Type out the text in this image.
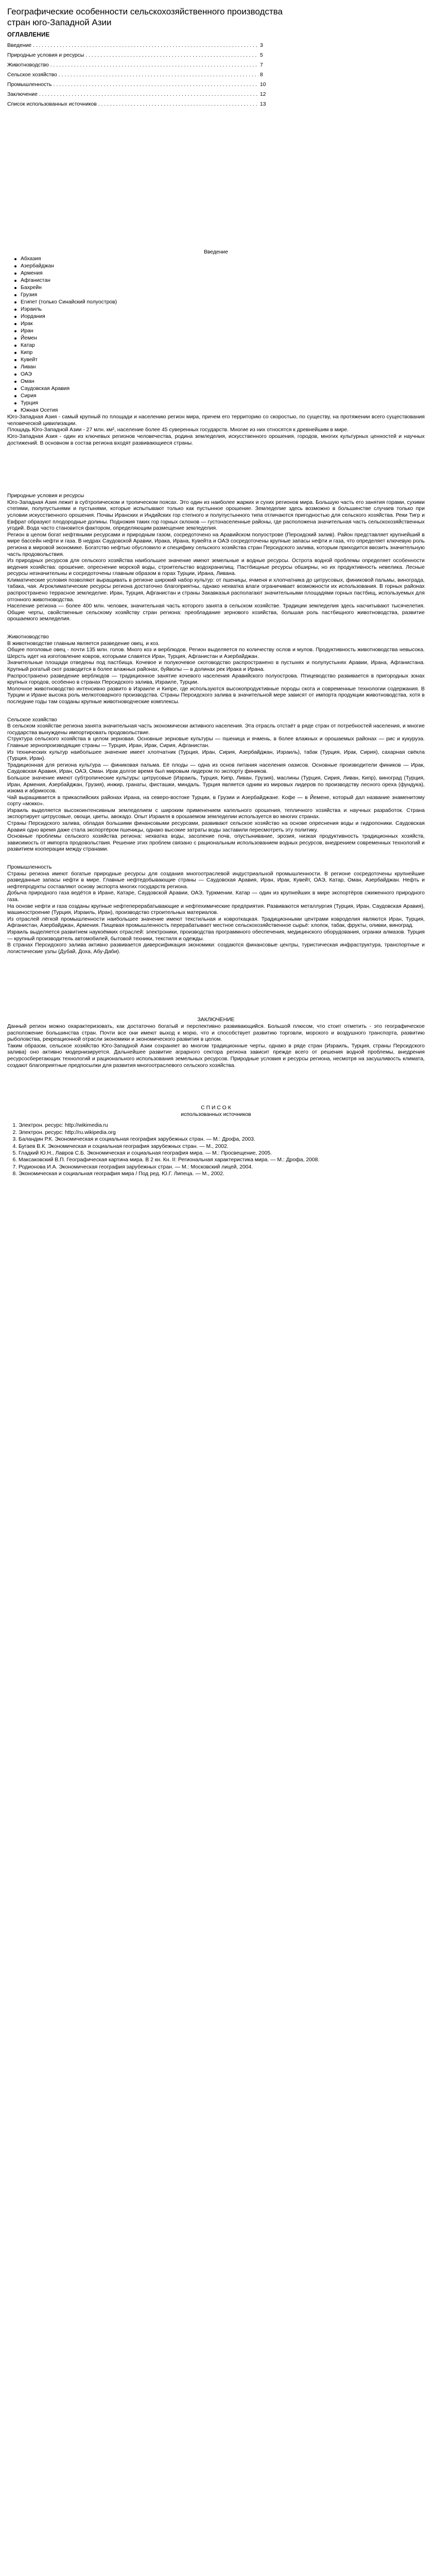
Географические особенности сельскохозяйственного производства стран юго-Западной Азии
ОГЛАВЛЕНИЕ
Введение . . .	3
Природные условия и ресурсы . . .	5
Животноводство . . .	7
Сельское хозяйство . . .	8
Промышленность . . .	10
Заключение . . .	12
Список использованных источников . . .	13

Введение

Абхазия
Азербайджан
Армения
Афганистан
Бахрейн
Грузия
Египет (только Синайский полуостров)
Израиль
Иордания
Ирак
Иран
Йемен
Катар
Кипр
Кувейт
Ливан
ОАЭ
Оман
Саудовская Аравия
Сирия
Турция
Южная Осетия

Юго-Западная Азия - самый крупный по площади и населению регион мира, причем его территорию со скоростью, по существу, на протяжении всего существования человеческой цивилизации.

Площадь Юго-Западной Азии - 27 млн. км², население более 45 суверенных государств. Многие из них относятся к древнейшим в мире.

Юго-Западная Азия - один из ключевых регионов человечества, родина земледелия, искусственного орошения, городов, многих культурных ценностей и научных достижений. В основном в состав региона входят развивающиеся страны.

Природные условия и ресурсы

Юго-Западная Азия лежит в субтропическом и тропическом поясах. Это один из наиболее жарких и сухих регионов мира. Большую часть его занятия горами, сухими степями, полупустынями и пустынями, которые испытывают только как пустынное орошение. Земледелие здесь возможно в большинстве случаев только при условии искусственного орошения. Почвы Иранских и Индийских гор степного и полупустынного типа отличаются пригодностью для сельского хозяйства. Реки Тигр и Евфрат образуют плодородные долины. Подножия таких гор горных склонов — густонаселенные районы, где расположена значительная часть сельскохозяйственных угодий. Вода часто становится фактором, определяющим размещение земледелия.

Регион в целом богат нефтяными ресурсами и природным газом, сосредоточено на Аравийском полуострове (Персидский залив). Район представляет крупнейший в мире бассейн нефти и газа. В недрах Саудовской Аравии, Ирака, Ирана, Кувейта и ОАЭ сосредоточены крупные запасы нефти и газа, что определяет ключевую роль региона в мировой экономике. Богатство нефтью обусловило и специфику сельского хозяйства стран Персидского залива, которым приходится ввозить значительную часть продовольствия.

Из природных ресурсов для сельского хозяйства наибольшее значение имеют земельные и водные ресурсы. Острота водной проблемы определяет особенности ведения хозяйства: орошение, опреснение морской воды, строительство водохранилищ. Пастбищные ресурсы обширны, но их продуктивность невелика. Лесные ресурсы незначительны и сосредоточены главным образом в горах Турции, Ирана, Ливана.

Климатические условия позволяют выращивать в регионе широкий набор культур: от пшеницы, ячменя и хлопчатника до цитрусовых, финиковой пальмы, винограда, табака, чая. Агроклиматические ресурсы региона достаточно благоприятны, однако нехватка влаги ограничивает возможности их использования. В горных районах распространено террасное земледелие. Иран, Турция, Афганистан и страны Закавказья располагают значительными площадями горных пастбищ, используемых для отгонного животноводства.

Население региона — более 400 млн. человек, значительная часть которого занята в сельском хозяйстве. Традиции земледелия здесь насчитывают тысячелетия. Общие черты, свойственные сельскому хозяйству стран региона: преобладание зернового хозяйства, большая роль пастбищного животноводства, развитие орошаемого земледелия.

Животноводство

В животноводстве главным является разведение овец, и коз.

Общее поголовье овец - почти 135 млн. голов. Много коз и верблюдов. Регион выделяется по количеству ослов и мулов. Продуктивность животноводства невысока. Шерсть идет на изготовление ковров, которыми славятся Иран, Турция, Афганистан и Азербайджан.

Значительные площади отведены под пастбища. Кочевое и полукочевое скотоводство распространено в пустынях и полупустынях Аравии, Ирана, Афганистана. Крупный рогатый скот разводится в более влажных районах, буйволы — в долинах рек Ирака и Ирана.

Распространено разведение верблюдов — традиционное занятие кочевого населения Аравийского полуострова. Птицеводство развивается в пригородных зонах крупных городов, особенно в странах Персидского залива, Израиле, Турции.

Молочное животноводство интенсивно развито в Израиле и Кипре, где используются высокопродуктивные породы скота и современные технологии содержания. В Турции и Иране высока роль мелкотоварного производства. Страны Персидского залива в значительной мере зависят от импорта продукции животноводства, хотя в последние годы там созданы крупные животноводческие комплексы.

Сельское хозяйство

В сельском хозяйстве региона занята значительная часть экономически активного населения. Эта отрасль отстаёт в ряде стран от потребностей населения, и многие государства вынуждены импортировать продовольствие.

Структура сельского хозяйства в целом зерновая. Основные зерновые культуры — пшеница и ячмень, в более влажных и орошаемых районах — рис и кукуруза. Главные зернопроизводящие страны — Турция, Иран, Ирак, Сирия, Афганистан.

Из технических культур наибольшее значение имеет хлопчатник (Турция, Иран, Сирия, Азербайджан, Израиль), табак (Турция, Ирак, Сирия), сахарная свёкла (Турция, Иран).

Традиционная для региона культура — финиковая пальма. Её плоды — одна из основ питания населения оазисов. Основные производители фиников — Ирак, Саудовская Аравия, Иран, ОАЭ, Оман. Ирак долгое время был мировым лидером по экспорту фиников.

Большое значение имеют субтропические культуры: цитрусовые (Израиль, Турция, Кипр, Ливан, Грузия), маслины (Турция, Сирия, Ливан, Кипр), виноград (Турция, Иран, Армения, Азербайджан, Грузия), инжир, гранаты, фисташки, миндаль. Турция является одним из мировых лидеров по производству лесного ореха (фундука), изюма и абрикосов.

Чай выращивается в прикаспийских районах Ирана, на северо-востоке Турции, в Грузии и Азербайджане. Кофе — в Йемене, который дал название знаменитому сорту «мокко».

Израиль выделяется высокоинтенсивным земледелием с широким применением капельного орошения, тепличного хозяйства и научных разработок. Страна экспортирует цитрусовые, овощи, цветы, авокадо. Опыт Израиля в орошаемом земледелии используется во многих странах.

Страны Персидского залива, обладая большими финансовыми ресурсами, развивают сельское хозяйство на основе опреснения воды и гидропоники. Саудовская Аравия одно время даже стала экспортёром пшеницы, однако высокие затраты воды заставили пересмотреть эту политику.

Основные проблемы сельского хозяйства региона: нехватка воды, засоление почв, опустынивание, эрозия, низкая продуктивность традиционных хозяйств, зависимость от импорта продовольствия. Решение этих проблем связано с рациональным использованием водных ресурсов, внедрением современных технологий и развитием кооперации между странами.

Промышленность

Страны региона имеют богатые природные ресурсы для создания многоотраслевой индустриальной промышленности. В регионе сосредоточены крупнейшие разведанные запасы нефти в мире. Главные нефтедобывающие страны — Саудовская Аравия, Иран, Ирак, Кувейт, ОАЭ, Катар, Оман, Азербайджан. Нефть и нефтепродукты составляют основу экспорта многих государств региона.

Добыча природного газа ведётся в Иране, Катаре, Саудовской Аравии, ОАЭ, Туркмении. Катар — один из крупнейших в мире экспортёров сжиженного природного газа.

На основе нефти и газа созданы крупные нефтеперерабатывающие и нефтехимические предприятия. Развиваются металлургия (Турция, Иран, Саудовская Аравия), машиностроение (Турция, Израиль, Иран), производство строительных материалов.

Из отраслей лёгкой промышленности наибольшее значение имеют текстильная и ковроткацкая. Традиционными центрами ковроделия являются Иран, Турция, Афганистан, Азербайджан, Армения. Пищевая промышленность перерабатывает местное сельскохозяйственное сырьё: хлопок, табак, фрукты, оливки, виноград.

Израиль выделяется развитием наукоёмких отраслей: электроники, производства программного обеспечения, медицинского оборудования, огранки алмазов. Турция — крупный производитель автомобилей, бытовой техники, текстиля и одежды.

В странах Персидского залива активно развивается диверсификация экономики: создаются финансовые центры, туристическая инфраструктура, транспортные и логистические узлы (Дубай, Доха, Абу-Даби).

ЗАКЛЮЧЕНИЕ

Данный регион можно охарактеризовать, как достаточно богатый и перспективно развивающийся. Большой плюсом, что стоит отметить - это географическое расположение большинства стран. Почти все они имеют выход к морю, что и способствует развитию торговли, морского и воздушного транспорта, развитию рыболовства, рекреационной отрасли экономики и экономического развития в целом.

Таким образом, сельское хозяйство Юго-Западной Азии сохраняет во многом традиционные черты, однако в ряде стран (Израиль, Турция, страны Персидского залива) оно активно модернизируется. Дальнейшее развитие аграрного сектора региона зависит прежде всего от решения водной проблемы, внедрения ресурсосберегающих технологий и рационального использования земельных ресурсов. Природные условия и ресурсы региона, несмотря на засушливость климата, создают благоприятные предпосылки для развития многоотраслевого сельского хозяйства.

С П И С О К

использованных источников

1. Электрон. ресурс: http://wikimedia.ru
2. Электрон. ресурс: http://ru.wikipedia.org
3. Баландин Р.К. Экономическая и социальная география зарубежных стран. — М.: Дрофа, 2003.
4. Бугаев В.К. Экономическая и социальная география зарубежных стран. — М., 2002.
5. Гладкий Ю.Н., Лавров С.Б. Экономическая и социальная география мира. — М.: Просвещение, 2005.
6. Максаковский В.П. Географическая картина мира. В 2 кн. Кн. II: Региональная характеристика мира. — М.: Дрофа, 2008.
7. Родионова И.А. Экономическая география зарубежных стран. — М.: Московский лицей, 2004.
8. Экономическая и социальная география мира / Под ред. Ю.Г. Липеца. — М., 2002.
